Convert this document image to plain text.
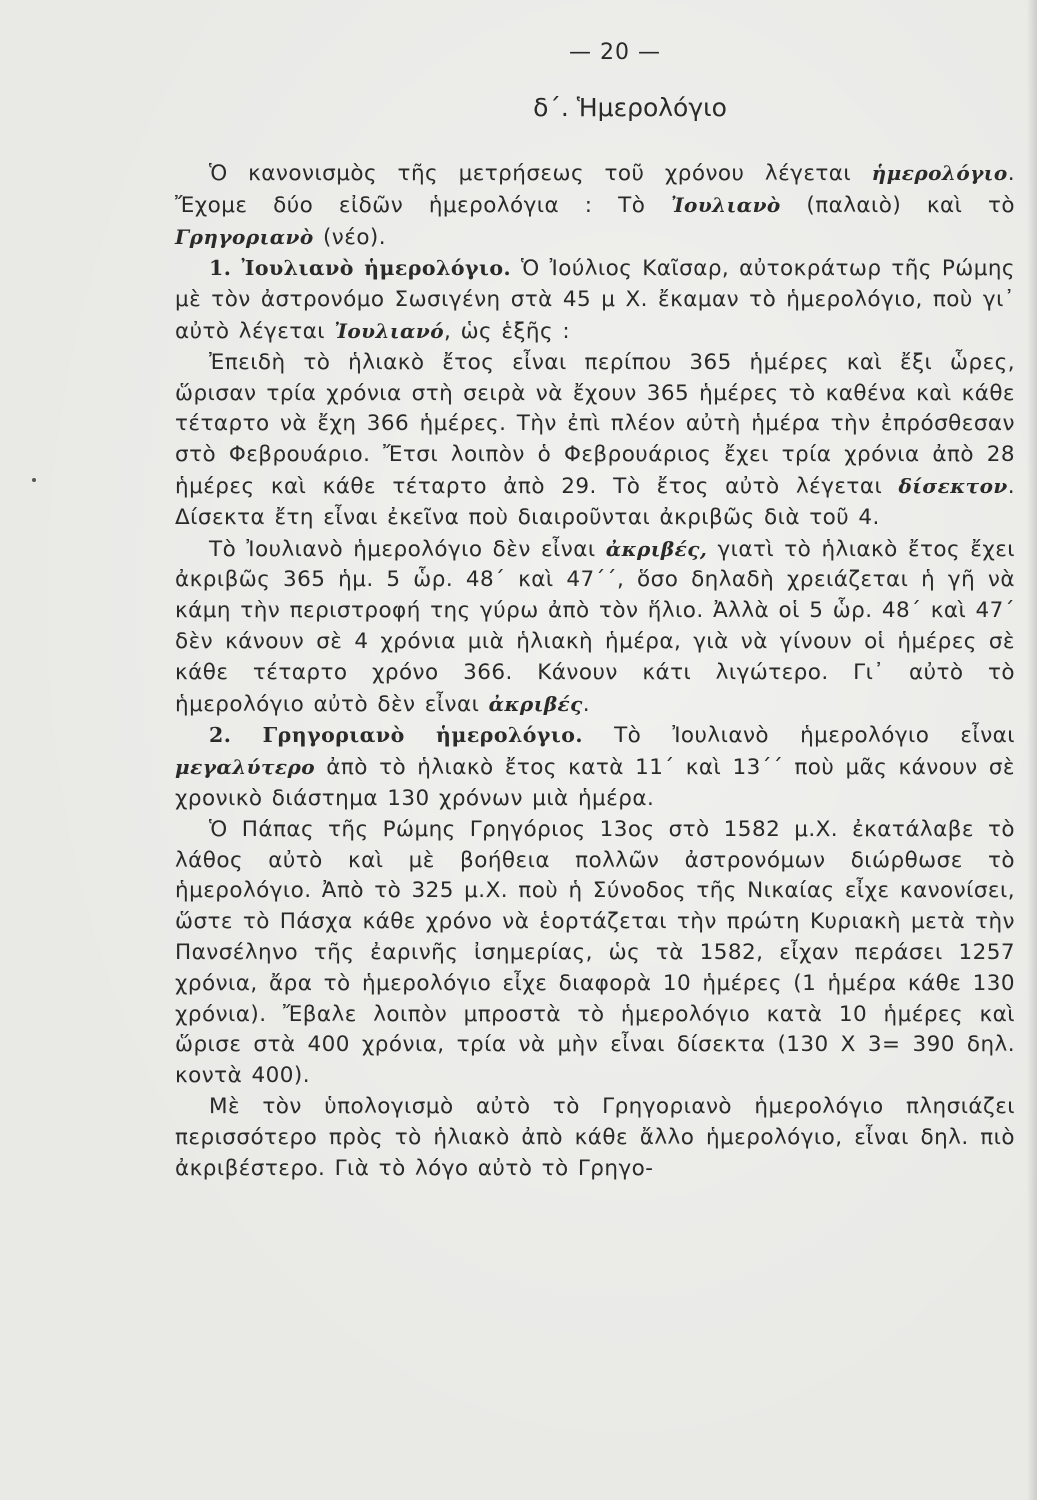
— 20 —
δ΄. Ἡμερολόγιο

Ὁ κανονισμὸς τῆς μετρήσεως τοῦ χρόνου λέγεται ἡμερολόγιο. Ἔχομε δύο εἰδῶν ἡμερολόγια : Τὸ Ἰουλιανὸ (παλαιὸ) καὶ τὸ Γρηγοριανὸ (νέο).

1. Ἰουλιανὸ ἡμερολόγιο. Ὁ Ἰούλιος Καῖσαρ, αὐτοκράτωρ τῆς Ρώμης μὲ τὸν ἀστρονόμο Σωσιγένη στὰ 45 μ Χ. ἔκαμαν τὸ ἡμερολόγιο, ποὺ γι᾽ αὐτὸ λέγεται Ἰουλιανό, ὡς ἑξῆς :

Ἐπειδὴ τὸ ἡλιακὸ ἔτος εἶναι περίπου 365 ἡμέρες καὶ ἔξι ὧρες, ὥρισαν τρία χρόνια στὴ σειρὰ νὰ ἔχουν 365 ἡμέρες τὸ καθένα καὶ κάθε τέταρτο νὰ ἔχη 366 ἡμέρες. Τὴν ἐπὶ πλέον αὐτὴ ἡμέρα τὴν ἐπρόσθεσαν στὸ Φεβρουάριο. Ἔτσι λοιπὸν ὁ Φεβρουάριος ἔχει τρία χρόνια ἀπὸ 28 ἡμέρες καὶ κάθε τέταρτο ἀπὸ 29. Τὸ ἔτος αὐτὸ λέγεται δίσεκτον. Δίσεκτα ἔτη εἶναι ἐκεῖνα ποὺ διαιροῦνται ἀκριβῶς διὰ τοῦ 4.

Τὸ Ἰουλιανὸ ἡμερολόγιο δὲν εἶναι ἀκριβές, γιατὶ τὸ ἡλιακὸ ἔτος ἔχει ἀκριβῶς 365 ἡμ. 5 ὧρ. 48΄ καὶ 47΄΄, ὅσο δηλαδὴ χρειάζεται ἡ γῆ νὰ κάμη τὴν περιστροφή της γύρω ἀπὸ τὸν ἥλιο. Ἀλλὰ οἱ 5 ὧρ. 48΄ καὶ 47΄ δὲν κάνουν σὲ 4 χρόνια μιὰ ἡλιακὴ ἡμέρα, γιὰ νὰ γίνουν οἱ ἡμέρες σὲ κάθε τέταρτο χρόνο 366. Κάνουν κάτι λιγώτερο. Γι᾽ αὐτὸ τὸ ἡμερολόγιο αὐτὸ δὲν εἶναι ἀκριβές.

2. Γρηγοριανὸ ἡμερολόγιο. Τὸ Ἰουλιανὸ ἡμερολόγιο εἶναι μεγαλύτερο ἀπὸ τὸ ἡλιακὸ ἔτος κατὰ 11΄ καὶ 13΄΄ ποὺ μᾶς κάνουν σὲ χρονικὸ διάστημα 130 χρόνων μιὰ ἡμέρα.

Ὁ Πάπας τῆς Ρώμης Γρηγόριος 13ος στὸ 1582 μ.Χ. ἐκατάλαβε τὸ λάθος αὐτὸ καὶ μὲ βοήθεια πολλῶν ἀστρονόμων διώρθωσε τὸ ἡμερολόγιο. Ἀπὸ τὸ 325 μ.Χ. ποὺ ἡ Σύνοδος τῆς Νικαίας εἶχε κανονίσει, ὥστε τὸ Πάσχα κάθε χρόνο νὰ ἑορτάζεται τὴν πρώτη Κυριακὴ μετὰ τὴν Πανσέληνο τῆς ἐαρινῆς ἰσημερίας, ὡς τὰ 1582, εἶχαν περάσει 1257 χρόνια, ἄρα τὸ ἡμερολόγιο εἶχε διαφορὰ 10 ἡμέρες (1 ἡμέρα κάθε 130 χρόνια). Ἔβαλε λοιπὸν μπροστὰ τὸ ἡμερολόγιο κατὰ 10 ἡμέρες καὶ ὥρισε στὰ 400 χρόνια, τρία νὰ μὴν εἶναι δίσεκτα (130 Χ 3= 390 δηλ. κοντὰ 400).

Μὲ τὸν ὑπολογισμὸ αὐτὸ τὸ Γρηγοριανὸ ἡμερολόγιο πλησιάζει περισσότερο πρὸς τὸ ἡλιακὸ ἀπὸ κάθε ἄλλο ἡμερολόγιο, εἶναι δηλ. πιὸ ἀκριβέστερο. Γιὰ τὸ λόγο αὐτὸ τὸ Γρηγο-
